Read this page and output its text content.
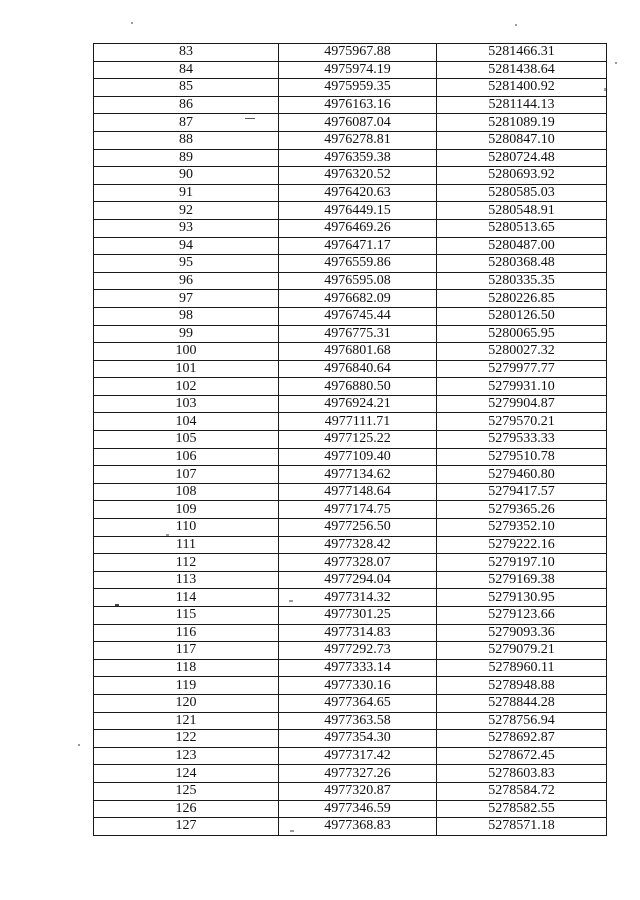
83	4975967.88	5281466.31
84	4975974.19	5281438.64
85	4975959.35	5281400.92
86	4976163.16	5281144.13
87	4976087.04	5281089.19
88	4976278.81	5280847.10
89	4976359.38	5280724.48
90	4976320.52	5280693.92
91	4976420.63	5280585.03
92	4976449.15	5280548.91
93	4976469.26	5280513.65
94	4976471.17	5280487.00
95	4976559.86	5280368.48
96	4976595.08	5280335.35
97	4976682.09	5280226.85
98	4976745.44	5280126.50
99	4976775.31	5280065.95
100	4976801.68	5280027.32
101	4976840.64	5279977.77
102	4976880.50	5279931.10
103	4976924.21	5279904.87
104	4977111.71	5279570.21
105	4977125.22	5279533.33
106	4977109.40	5279510.78
107	4977134.62	5279460.80
108	4977148.64	5279417.57
109	4977174.75	5279365.26
110	4977256.50	5279352.10
111	4977328.42	5279222.16
112	4977328.07	5279197.10
113	4977294.04	5279169.38
114	4977314.32	5279130.95
115	4977301.25	5279123.66
116	4977314.83	5279093.36
117	4977292.73	5279079.21
118	4977333.14	5278960.11
119	4977330.16	5278948.88
120	4977364.65	5278844.28
121	4977363.58	5278756.94
122	4977354.30	5278692.87
123	4977317.42	5278672.45
124	4977327.26	5278603.83
125	4977320.87	5278584.72
126	4977346.59	5278582.55
127	4977368.83	5278571.18
